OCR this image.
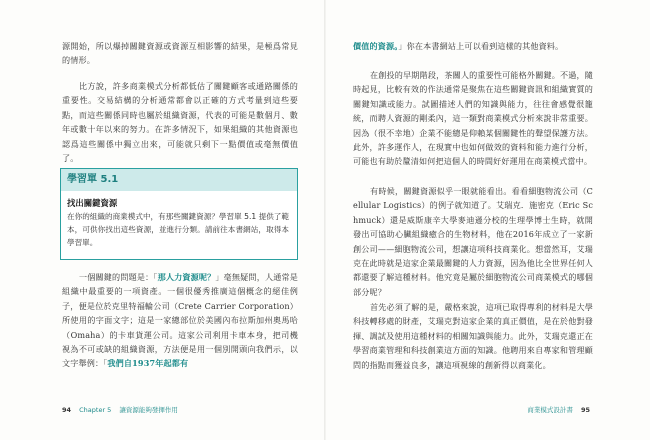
源開始，所以爆掉關鍵資源或資源互相影響的結果，是極爲常見的情形。

比方說，許多商業模式分析都低估了關鍵顧客或通路關係的重要性。交易結構的分析通常都會以正確的方式考量到這些要點，而這些關係同時也屬於組織資源，代表的可能是數個月、數年或數十年以來的努力。在許多情況下，如果組織的其他資源也認爲這些關係中獨立出來，可能就只剩下一點價值或毫無價值了。

學習單 5.1
找出關鍵資源
在你的組織的商業模式中，有那些關鍵資源？學習單 5.1 提供了範本，可供你找出這些資源，並進行分類。請前往本書網站，取得本學習單。

一個關鍵的問題是：「那人力資源呢？」毫無疑問，人通常是組織中最重要的一項資產。一個很優秀推廣這個概念的絕佳例子，便是位於克里特福輪公司（Crete Carrier Corporation）所使用的字面文字；這是一家總部位於美國內布拉斯加州奧馬哈（Omaha）的卡車貨運公司。這家公司利用卡車本身，把司機視為不可或缺的組織資源，方法便是用一個別開頭向我們示，以文字舉例：「我們自1937年起都有

94 Chapter 5 讓資源能夠發揮作用

價值的資源。」你在本書網站上可以看到這樣的其他資料。

在創投的早期階段，茶關人的重要性可能格外關鍵。不過，隨時起見，比較有效的作法通常是聚焦在這些關鍵資訊和組織實質的關鍵知識或能力。試圖描述人們的知識與能力，往往會感覺很籠統，而聘人資源的剛柔內，這一類對商業模式分析來說非常重要。因為（很不幸地）企業不能總是仰賴某個關鍵性的聲望保護方法。此外，許多運作人，在現實中也如何做效的資料和能力進行分析，可能也有助於釐清如何把這個人的時間好好運用在商業模式當中。

有時候，關鍵資源似乎一眼就能看出。看看細胞物流公司（Cellular Logistics）的例子就知道了。艾瑞克．施密克（Eric Schmuck）還是威斯康辛大學麥迪遜分校的生理學博士生時，就開發出可協助心臟組織癒合的生物材料，他在2016年成立了一家新創公司——細胞物流公司，想讓這項科技商業化。想當然耳，艾瑞克在此時就是這家企業最關鍵的人力資源，因為他比全世界任何人都還要了解這種材料。他究竟是屬於細胞物流公司商業模式的哪個部分呢？

首先必須了解的是，嚴格來說，這項已取得專利的材料是大學科技轉移處的財產，艾瑞克對這家企業的真正價值，是在於他對發揮、調試及使用這種材料的相關知識與能力。此外，艾瑞克還正在學習商業管理和科技創業這方面的知識。他聘用來自專家和管理顧問的指點而獲益良多，讓這項視線的創新得以商業化。

商業模式設計書 95
